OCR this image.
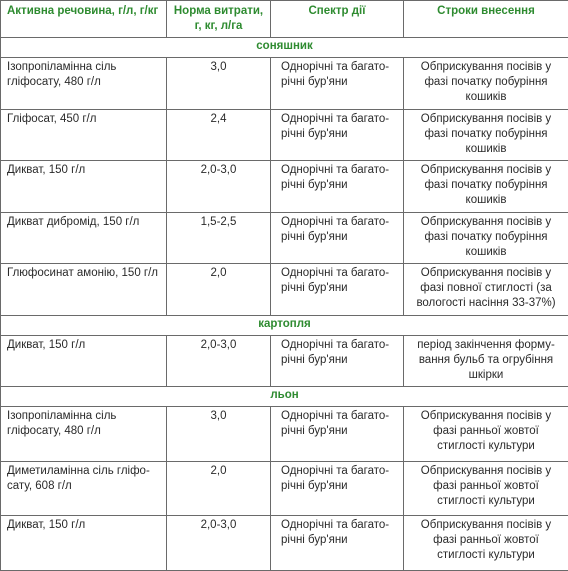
Активна речовина, г/л, г/кг	Норма витрати, г, кг, л/га	Спектр дії	Строки внесення
соняшник			
Ізопропіламінна сіль гліфосату, 480 г/л	3,0	Однорічні та багато-річні бур'яни	Обприскування посівів у фазі початку побуріння кошиків
Гліфосат, 450 г/л	2,4	Однорічні та багато-річні бур'яни	Обприскування посівів у фазі початку побуріння кошиків
Дикват, 150 г/л	2,0-3,0	Однорічні та багато-річні бур'яни	Обприскування посівів у фазі початку побуріння кошиків
Дикват дибромід, 150 г/л	1,5-2,5	Однорічні та багато-річні бур'яни	Обприскування посівів у фазі початку побуріння кошиків
Глюфосинат амонію, 150 г/л	2,0	Однорічні та багато-річні бур'яни	Обприскування посівів у фазі повної стиглості (за вологості насіння 33-37%)
картопля			
Дикват, 150 г/л	2,0-3,0	Однорічні та багато-річні бур'яни	період закінчення форму-вання бульб та огрубіння шкірки
льон			
Ізопропіламінна сіль гліфосату, 480 г/л	3,0	Однорічні та багато-річні бур'яни	Обприскування посівів у фазі ранньої жовтої стиглості культури
Диметиламінна сіль гліфо-сату, 608 г/л	2,0	Однорічні та багато-річні бур'яни	Обприскування посівів у фазі ранньої жовтої стиглості культури
Дикват, 150 г/л	2,0-3,0	Однорічні та багато-річні бур'яни	Обприскування посівів у фазі ранньої жовтої стиглості культури
